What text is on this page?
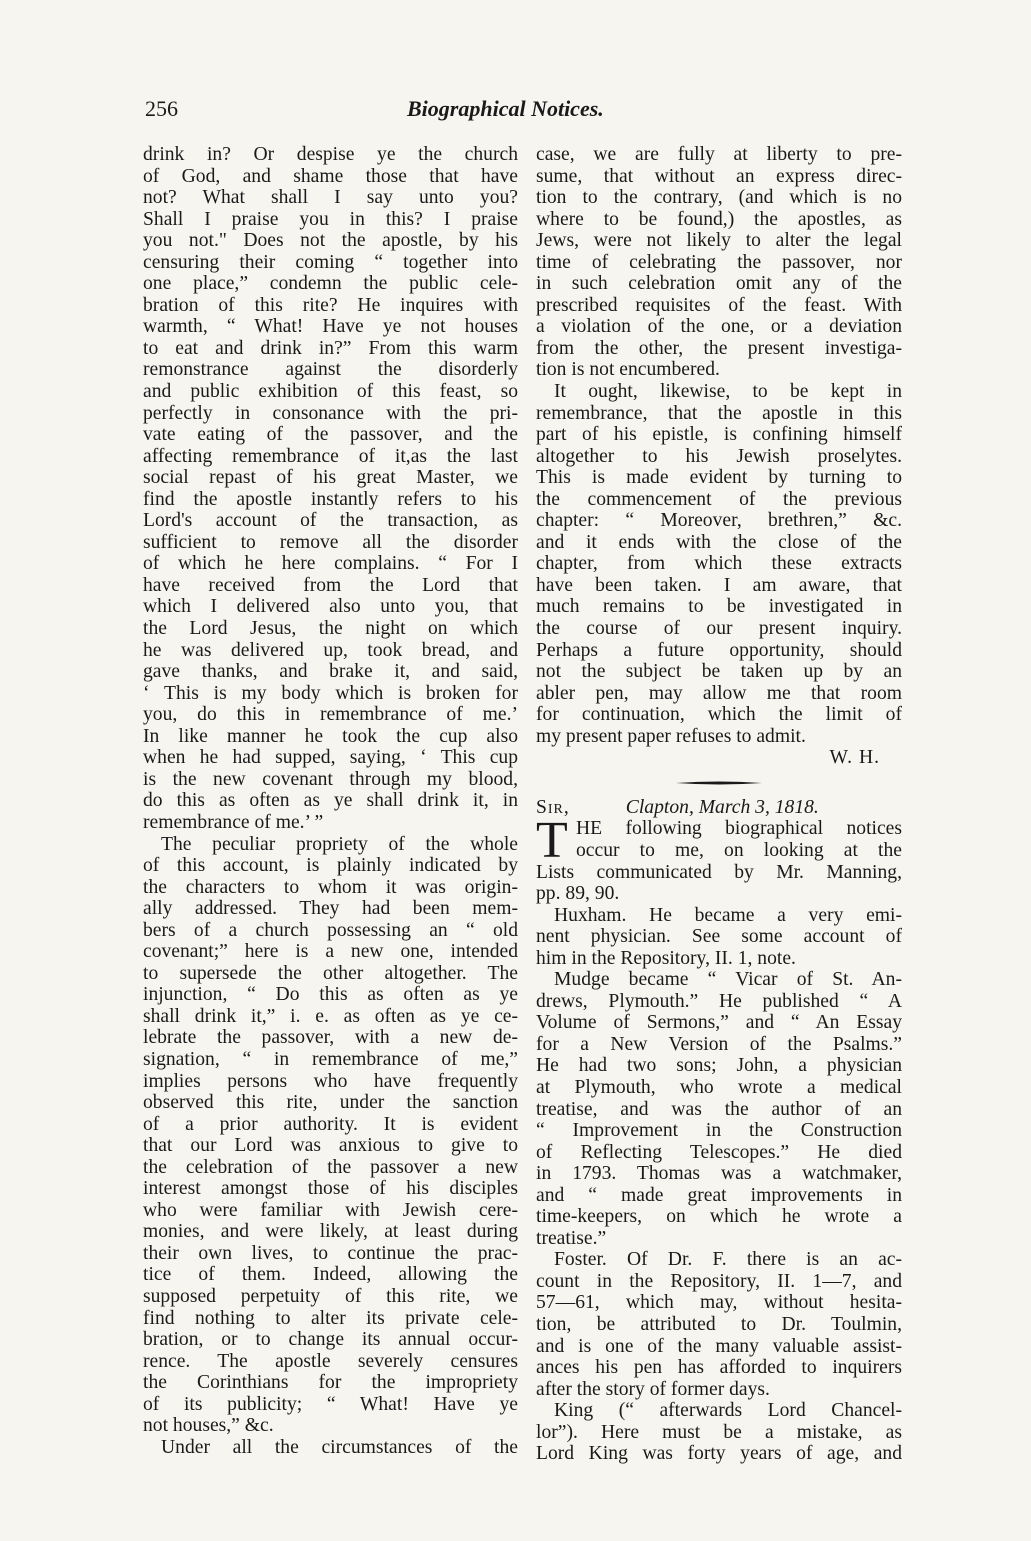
256	Biographical Notices.
drink in? Or despise ye the church
of God, and shame those that have
not? What shall I say unto you?
Shall I praise you in this? I praise
you not." Does not the apostle, by his
censuring their coming “ together into
one place,” condemn the public cele-
bration of this rite? He inquires with
warmth, “ What! Have ye not houses
to eat and drink in?” From this warm
remonstrance against the disorderly
and public exhibition of this feast, so
perfectly in consonance with the pri-
vate eating of the passover, and the
affecting remembrance of it,as the last
social repast of his great Master, we
find the apostle instantly refers to his
Lord's account of the transaction, as
sufficient to remove all the disorder
of which he here complains. “ For I
have received from the Lord that
which I delivered also unto you, that
the Lord Jesus, the night on which
he was delivered up, took bread, and
gave thanks, and brake it, and said,
‘ This is my body which is broken for
you, do this in remembrance of me.’
In like manner he took the cup also
when he had supped, saying, ‘ This cup
is the new covenant through my blood,
do this as often as ye shall drink it, in
remembrance of me.’ ”
The peculiar propriety of the whole
of this account, is plainly indicated by
the characters to whom it was origin-
ally addressed. They had been mem-
bers of a church possessing an “ old
covenant;” here is a new one, intended
to supersede the other altogether. The
injunction, “ Do this as often as ye
shall drink it,” i. e. as often as ye ce-
lebrate the passover, with a new de-
signation, “ in remembrance of me,”
implies persons who have frequently
observed this rite, under the sanction
of a prior authority. It is evident
that our Lord was anxious to give to
the celebration of the passover a new
interest amongst those of his disciples
who were familiar with Jewish cere-
monies, and were likely, at least during
their own lives, to continue the prac-
tice of them. Indeed, allowing the
supposed perpetuity of this rite, we
find nothing to alter its private cele-
bration, or to change its annual occur-
rence. The apostle severely censures
the Corinthians for the impropriety
of its publicity; “ What! Have ye
not houses,” &c.
Under all the circumstances of the
case, we are fully at liberty to pre-
sume, that without an express direc-
tion to the contrary, (and which is no
where to be found,) the apostles, as
Jews, were not likely to alter the legal
time of celebrating the passover, nor
in such celebration omit any of the
prescribed requisites of the feast. With
a violation of the one, or a deviation
from the other, the present investiga-
tion is not encumbered.
It ought, likewise, to be kept in
remembrance, that the apostle in this
part of his epistle, is confining himself
altogether to his Jewish proselytes.
This is made evident by turning to
the commencement of the previous
chapter: “ Moreover, brethren,” &c.
and it ends with the close of the
chapter, from which these extracts
have been taken. I am aware, that
much remains to be investigated in
the course of our present inquiry.
Perhaps a future opportunity, should
not the subject be taken up by an
abler pen, may allow me that room
for continuation, which the limit of
my present paper refuses to admit.
W. H.
Sir,	Clapton, March 3, 1818.
T HE following biographical notices
occur to me, on looking at the
Lists communicated by Mr. Manning,
pp. 89, 90.
Huxham. He became a very emi-
nent physician. See some account of
him in the Repository, II. 1, note.
Mudge became “ Vicar of St. An-
drews, Plymouth.” He published “ A
Volume of Sermons,” and “ An Essay
for a New Version of the Psalms.”
He had two sons; John, a physician
at Plymouth, who wrote a medical
treatise, and was the author of an
“ Improvement in the Construction
of Reflecting Telescopes.” He died
in 1793. Thomas was a watchmaker,
and “ made great improvements in
time-keepers, on which he wrote a
treatise.”
Foster. Of Dr. F. there is an ac-
count in the Repository, II. 1—7, and
57—61, which may, without hesita-
tion, be attributed to Dr. Toulmin,
and is one of the many valuable assist-
ances his pen has afforded to inquirers
after the story of former days.
King (“ afterwards Lord Chancel-
lor”). Here must be a mistake, as
Lord King was forty years of age, and
